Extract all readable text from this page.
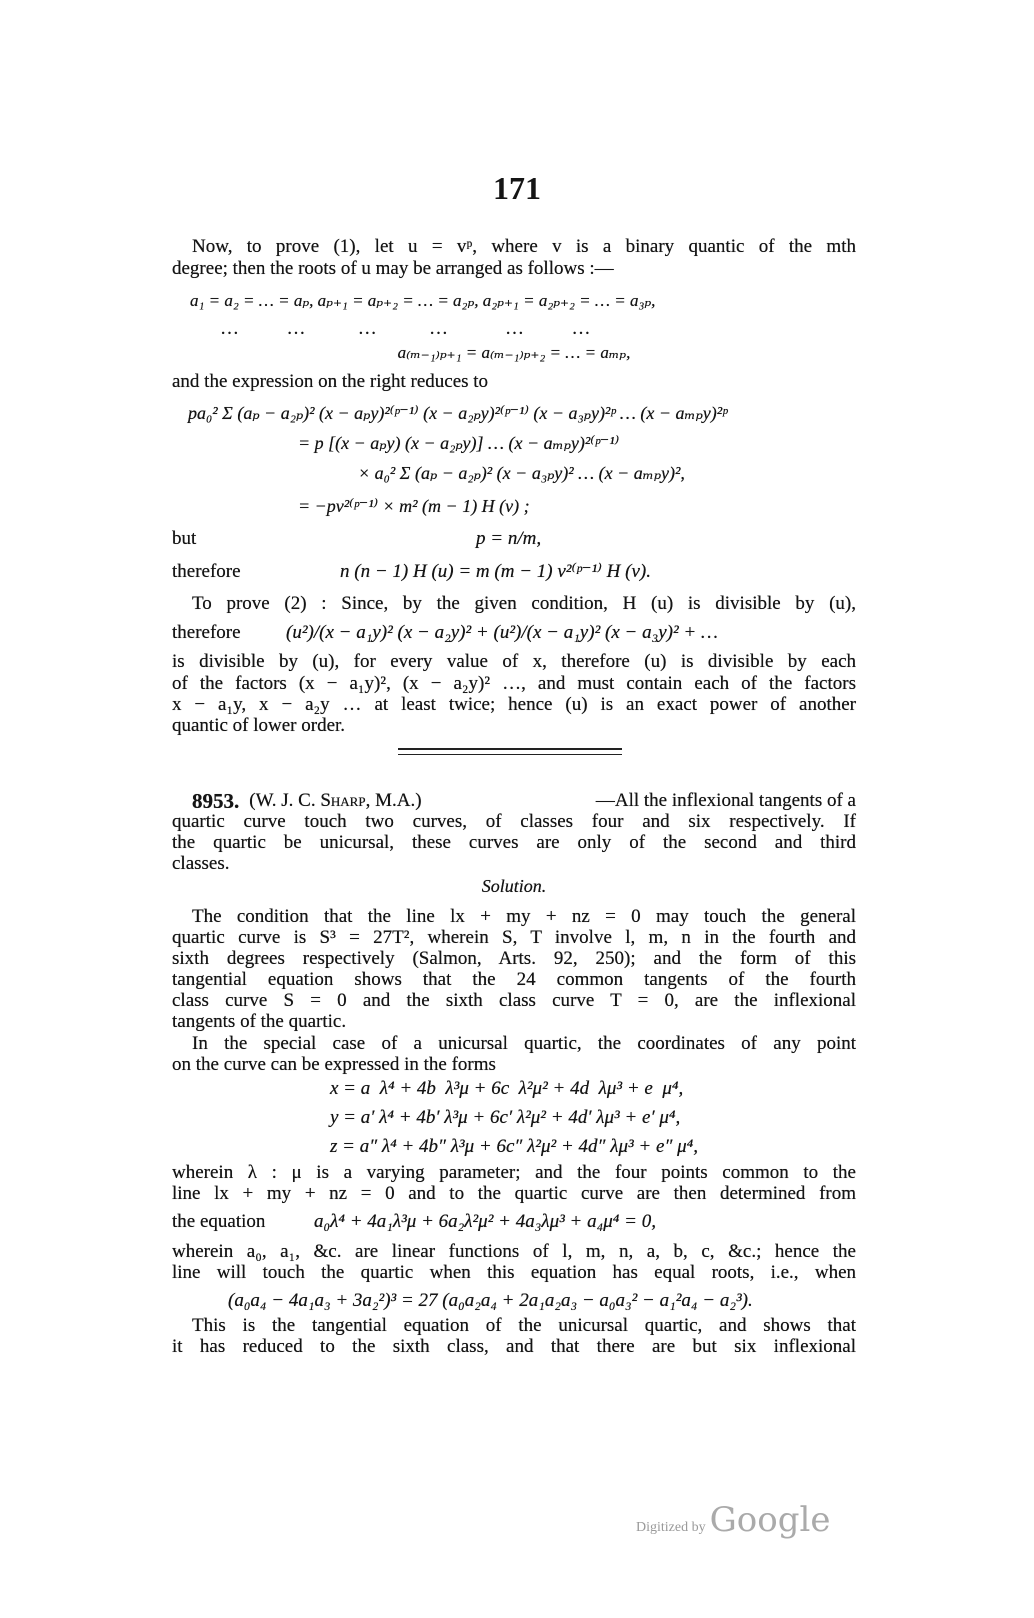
171
Now, to prove (1), let u = vᵖ, where v is a binary quantic of the mth
degree; then the roots of u may be arranged as follows :—
a₁ = a₂ = … = aₚ, aₚ₊₁ = aₚ₊₂ = … = a₂ₚ, a₂ₚ₊₁ = a₂ₚ₊₂ = … = a₃ₚ,
…          …           …           …            …          …
a₍ₘ₋₁₎ₚ₊₁ = a₍ₘ₋₁₎ₚ₊₂ = … = aₘₚ,
and the expression on the right reduces to
pa₀² Σ (aₚ − a₂ₚ)² (x − aₚy)²⁽ᵖ⁻¹⁾ (x − a₂ₚy)²⁽ᵖ⁻¹⁾ (x − a₃ₚy)²ᵖ … (x − aₘₚy)²ᵖ
= p [(x − aₚy) (x − a₂ₚy)] … (x − aₘₚy)²⁽ᵖ⁻¹⁾
× a₀² Σ (aₚ − a₂ₚ)² (x − a₃ₚy)² … (x − aₘₚy)²,
= −pv²⁽ᵖ⁻¹⁾ × m² (m − 1) H (v) ;
but	p = n/m,
therefore	n (n − 1) H (u) = m (m − 1) v²⁽ᵖ⁻¹⁾ H (v).
To prove (2) : Since, by the given condition, H (u) is divisible by (u),
therefore (u²)/(x − a₁y)² (x − a₂y)² + (u²)/(x − a₁y)² (x − a₃y)² + …
is divisible by (u), for every value of x, therefore (u) is divisible by each
of the factors (x − a₁y)², (x − a₂y)² …, and must contain each of the factors
x − a₁y, x − a₂y … at least twice; hence (u) is an exact power of another
quantic of lower order.
8953. (W. J. C. Sharp, M.A.)	—All the inflexional tangents of a
quartic curve touch two curves, of classes four and six respectively. If
the quartic be unicursal, these curves are only of the second and third
classes.
Solution.
The condition that the line lx + my + nz = 0 may touch the general
quartic curve is S³ = 27T², wherein S, T involve l, m, n in the fourth and
sixth degrees respectively (Salmon, Arts. 92, 250); and the form of this
tangential equation shows that the 24 common tangents of the fourth
class curve S = 0 and the sixth class curve T = 0, are the inflexional
tangents of the quartic.
In the special case of a unicursal quartic, the coordinates of any point
on the curve can be expressed in the forms
x = a  λ⁴ + 4b  λ³μ + 6c  λ²μ² + 4d  λμ³ + e  μ⁴,
y = a′ λ⁴ + 4b′ λ³μ + 6c′ λ²μ² + 4d′ λμ³ + e′ μ⁴,
z = a″ λ⁴ + 4b″ λ³μ + 6c″ λ²μ² + 4d″ λμ³ + e″ μ⁴,
wherein λ : μ is a varying parameter; and the four points common to the
line lx + my + nz = 0 and to the quartic curve are then determined from
the equation	a₀λ⁴ + 4a₁λ³μ + 6a₂λ²μ² + 4a₃λμ³ + a₄μ⁴ = 0,
wherein a₀, a₁, &c. are linear functions of l, m, n, a, b, c, &c.; hence the
line will touch the quartic when this equation has equal roots, i.e., when
(a₀a₄ − 4a₁a₃ + 3a₂²)³ = 27 (a₀a₂a₄ + 2a₁a₂a₃ − a₀a₃² − a₁²a₄ − a₂³).
This is the tangential equation of the unicursal quartic, and shows that
it has reduced to the sixth class, and that there are but six inflexional
Digitized by Google
